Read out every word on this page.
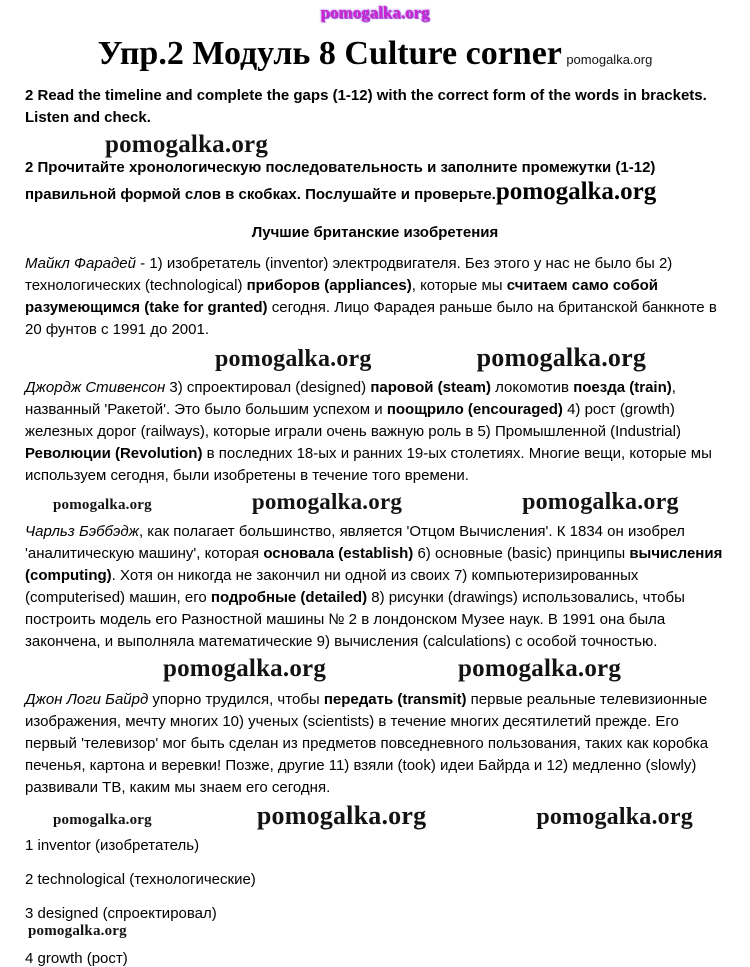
pomogalka.org
Упр.2 Модуль 8 Culture corner pomogalka.org

2 Read the timeline and complete the gaps (1-12) with the correct form of the words in brackets. Listen and check.

pomogalka.org

2 Прочитайте хронологическую последовательность и заполните промежутки (1-12) правильной формой слов в скобках. Послушайте и проверьте.pomogalka.org

Лучшие британские изобретения

Майкл Фарадей - 1) изобретатель (inventor) электродвигателя. Без этого у нас не было бы 2) технологических (technological) приборов (appliances), которые мы считаем само собой разумеющимся (take for granted) сегодня. Лицо Фарадея раньше было на британской банкноте в 20 фунтов с 1991 до 2001.

pomogalka.org	pomogalka.org

Джордж Стивенсон 3) спроектировал (designed) паровой (steam) локомотив поезда (train), названный 'Ракетой'. Это было большим успехом и поощрило (encouraged) 4) рост (growth) железных дорог (railways), которые играли очень важную роль в 5) Промышленной (Industrial) Революции (Revolution) в последних 18-ых и ранних 19-ых столетиях. Многие вещи, которые мы используем сегодня, были изобретены в течение того времени.

pomogalka.org	pomogalka.org	pomogalka.org

Чарльз Бэббэдж, как полагает большинство, является 'Отцом Вычисления'. К 1834 он изобрел 'аналитическую машину', которая основала (establish) 6) основные (basic) принципы вычисления (computing). Хотя он никогда не закончил ни одной из своих 7) компьютеризированных (computerised) машин, его подробные (detailed) 8) рисунки (drawings) использовались, чтобы построить модель его Разностной машины № 2 в лондонском Музее наук. В 1991 она была закончена, и выполняла математические 9) вычисления (calculations) с особой точностью.

pomogalka.org	pomogalka.org

Джон Логи Байрд упорно трудился, чтобы передать (transmit) первые реальные телевизионные изображения, мечту многих 10) ученых (scientists) в течение многих десятилетий прежде. Его первый 'телевизор' мог быть сделан из предметов повседневного пользования, таких как коробка печенья, картона и веревки! Позже, другие 11) взяли (took) идеи Байрда и 12) медленно (slowly) развивали ТВ, каким мы знаем его сегодня.

pomogalka.org	pomogalka.org	pomogalka.org
1 inventor (изобретатель)
2 technological (технологические)
3 designed (спроектировал)
pomogalka.org
4 growth (рост)
